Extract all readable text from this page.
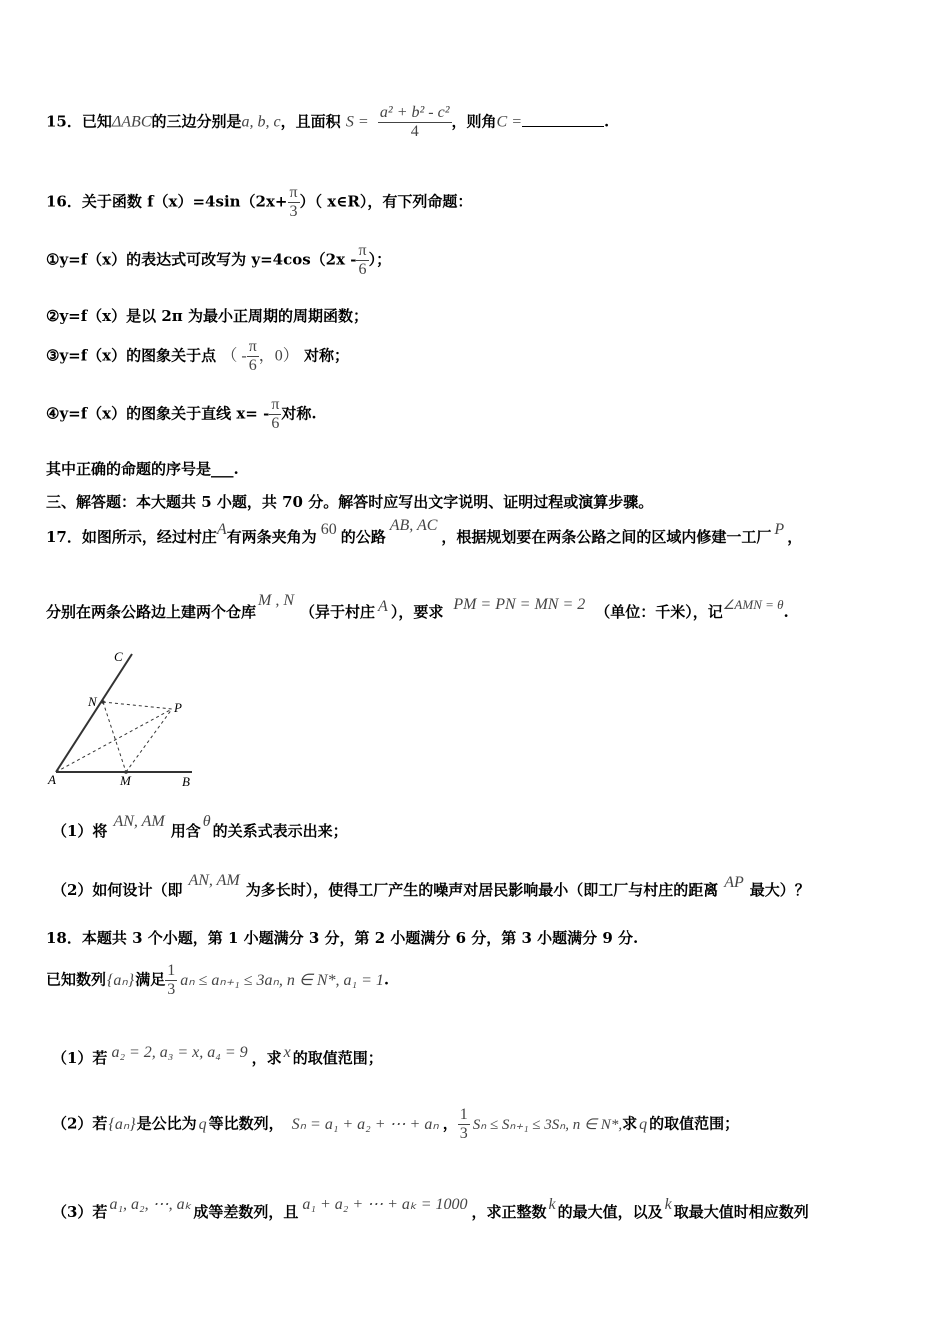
15．已知ΔABC的三边分别是a, b, c，且面积 $S = \frac{\text{a² + b² - c²}}{4}$ ，则角C =	.
16．关于函数 $f(x)=4\sin(2x+ \frac{\pi}{3}$ ）（ x∈R），有下列命题：
①y=f（x）的表达式可改写为 $y=4\cos(2x - \frac{\pi}{6}$ ）；
②y=f（x）是以 2π 为最小正周期的周期函数；
③y=f（x）的图象关于点 （ - $\frac{\pi}{6}$ ，0） 对称；
④y=f（x）的图象关于直线 $x= - \frac{\pi}{6}$ 对称.
其中正确的命题的序号是___.
三、解答题：本大题共 5 小题，共 70 分。解答时应写出文字说明、证明过程或演算步骤。
17．如图所示，经过村庄A有两条夹角为 60 的公路AB, AC，根据规划要在两条公路之间的区域内修建一工厂 P ，
分别在两条公路边上建两个仓库M , N（异于村庄 A ），要求 PM = PN = MN = 2 （单位：千米），记∠AMN = θ.
C
N	P
A	M	B
（1）将AN, AM用含θ的关系式表示出来；
（2）如何设计（即AN, AM为多长时），使得工厂产生的噪声对居民影响最小（即工厂与村庄的距离 AP 最大）？
18．本题共 3 个小题，第 1 小题满分 3 分，第 2 小题满分 6 分，第 3 小题满分 9 分.
已知数列{aₙ}满足 $\frac{1}{3}$ aₙ ≤ aₙ₊₁ ≤ 3aₙ, n ∈ N*, a₁ = 1.
（1）若 a₂ = 2, a₃ = x, a₄ = 9 ，求 x 的取值范围；
（2）若{aₙ}是公比为 q 等比数列， Sₙ = a₁ + a₂ + ⋯ + aₙ ， $\frac{1}{3}$ Sₙ ≤ Sₙ₊₁ ≤ 3Sₙ, n ∈ N*,求 q 的取值范围；
（3）若 a₁, a₂, ⋯, aₖ 成等差数列，且 a₁ + a₂ + ⋯ + aₖ = 1000 ，求正整数 k 的最大值，以及 k 取最大值时相应数列
